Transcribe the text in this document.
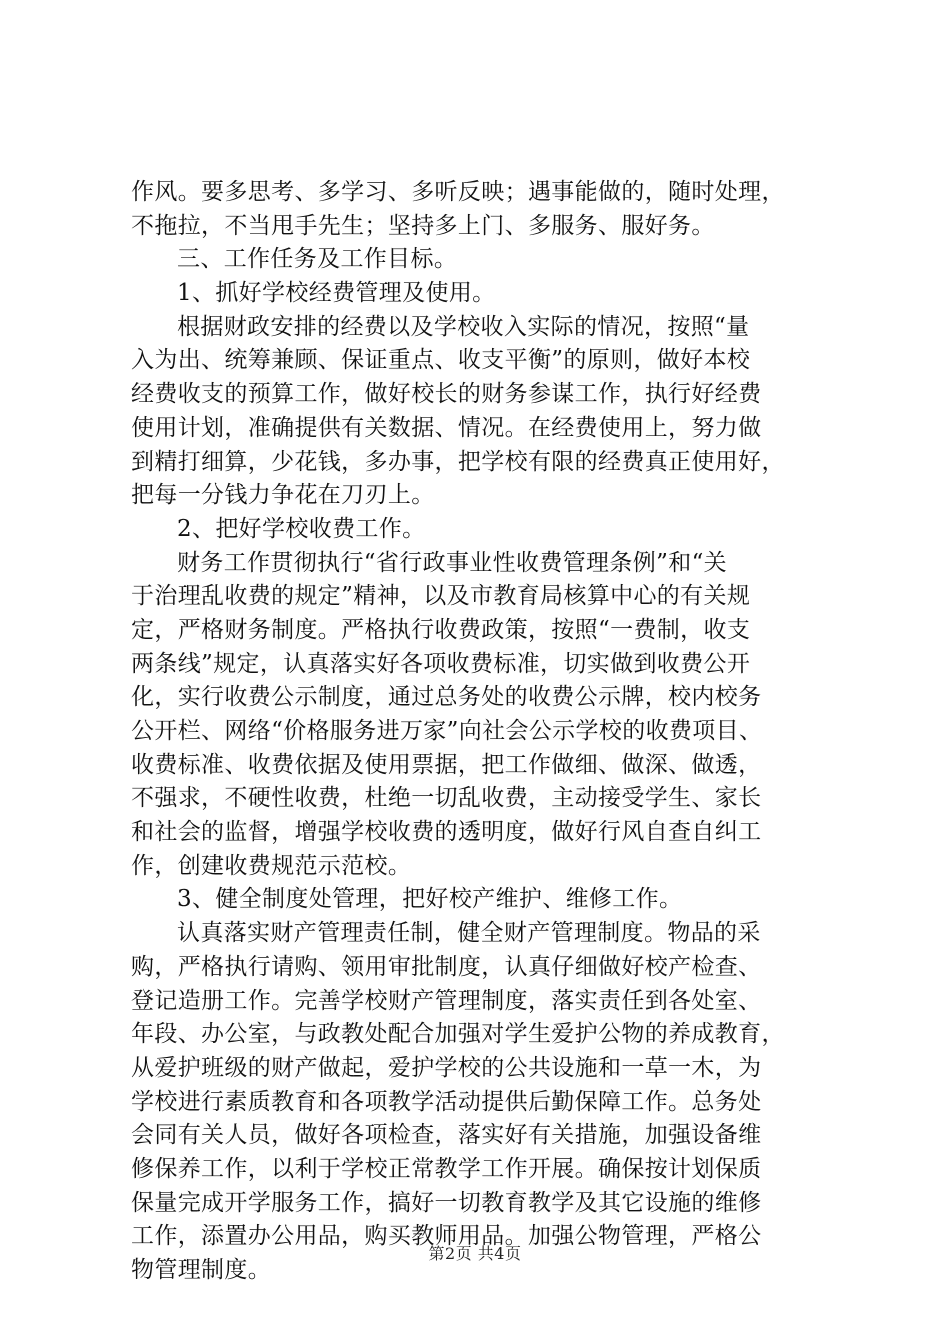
作风。要多思考、多学习、多听反映；遇事能做的，随时处理，
不拖拉，不当甩手先生；坚持多上门、多服务、服好务。
三、工作任务及工作目标。
1、抓好学校经费管理及使用。
根据财政安排的经费以及学校收入实际的情况，按照“量
入为出、统筹兼顾、保证重点、收支平衡”的原则，做好本校
经费收支的预算工作，做好校长的财务参谋工作，执行好经费
使用计划，准确提供有关数据、情况。在经费使用上，努力做
到精打细算，少花钱，多办事，把学校有限的经费真正使用好，
把每一分钱力争花在刀刃上。
2、把好学校收费工作。
财务工作贯彻执行“省行政事业性收费管理条例”和“关
于治理乱收费的规定”精神，以及市教育局核算中心的有关规
定，严格财务制度。严格执行收费政策，按照“一费制，收支
两条线”规定，认真落实好各项收费标准，切实做到收费公开
化，实行收费公示制度，通过总务处的收费公示牌，校内校务
公开栏、网络“价格服务进万家”向社会公示学校的收费项目、
收费标准、收费依据及使用票据，把工作做细、做深、做透，
不强求，不硬性收费，杜绝一切乱收费，主动接受学生、家长
和社会的监督，增强学校收费的透明度，做好行风自查自纠工
作，创建收费规范示范校。
3、健全制度处管理，把好校产维护、维修工作。
认真落实财产管理责任制，健全财产管理制度。物品的采
购，严格执行请购、领用审批制度，认真仔细做好校产检查、
登记造册工作。完善学校财产管理制度，落实责任到各处室、
年段、办公室，与政教处配合加强对学生爱护公物的养成教育，
从爱护班级的财产做起，爱护学校的公共设施和一草一木，为
学校进行素质教育和各项教学活动提供后勤保障工作。总务处
会同有关人员，做好各项检查，落实好有关措施，加强设备维
修保养工作，以利于学校正常教学工作开展。确保按计划保质
保量完成开学服务工作，搞好一切教育教学及其它设施的维修
工作，添置办公用品，购买教师用品。加强公物管理，严格公
物管理制度。
第2页 共4页
